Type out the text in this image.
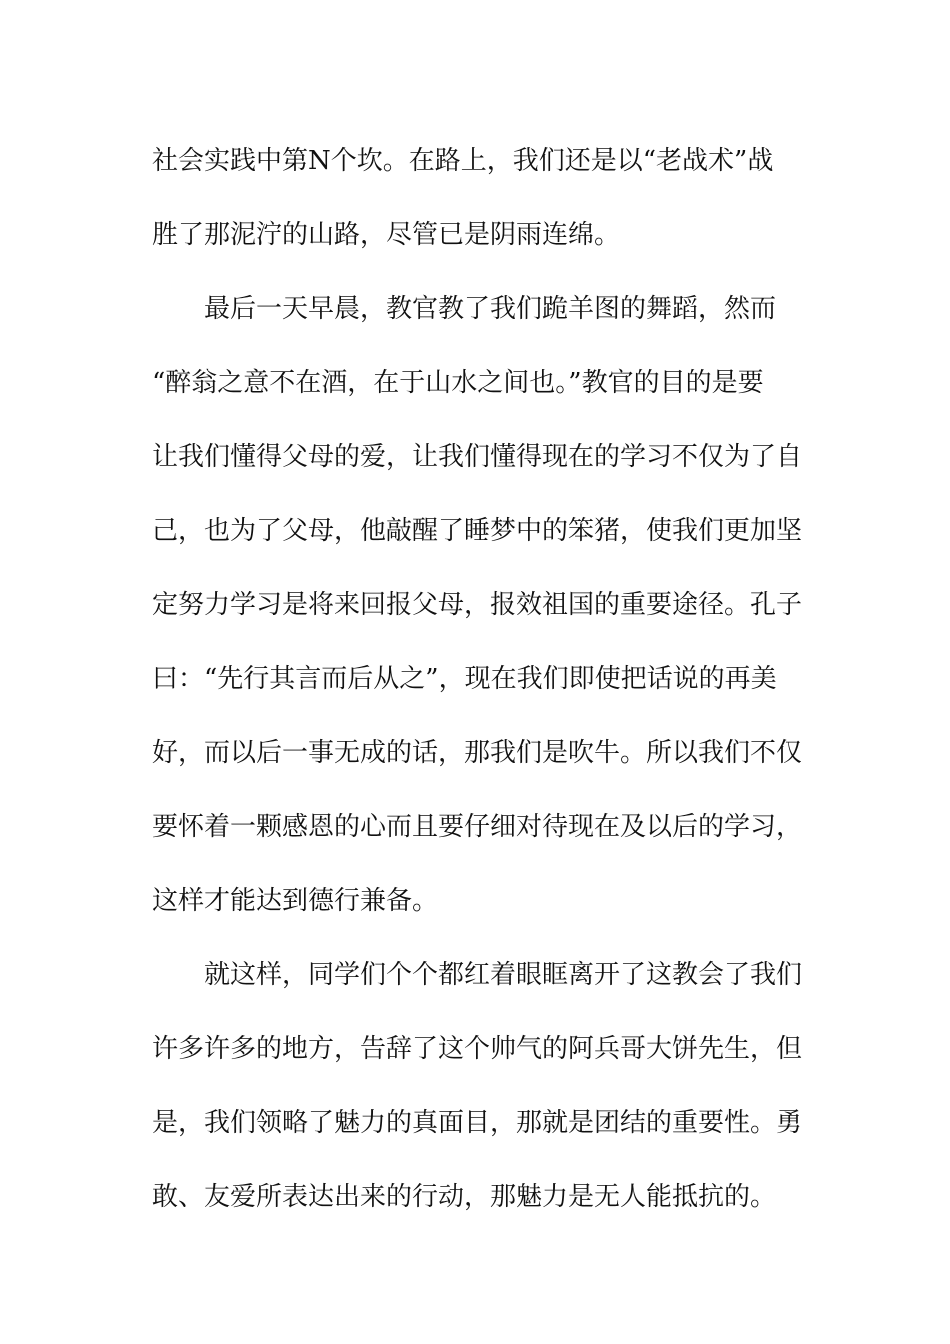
社会实践中第N个坎。在路上，我们还是以“老战术”战
胜了那泥泞的山路，尽管已是阴雨连绵。
最后一天早晨，教官教了我们跪羊图的舞蹈，然而
“醉翁之意不在酒，在于山水之间也。”教官的目的是要
让我们懂得父母的爱，让我们懂得现在的学习不仅为了自
己，也为了父母，他敲醒了睡梦中的笨猪，使我们更加坚
定努力学习是将来回报父母，报效祖国的重要途径。孔子
曰：“先行其言而后从之”，现在我们即使把话说的再美
好，而以后一事无成的话，那我们是吹牛。所以我们不仅
要怀着一颗感恩的心而且要仔细对待现在及以后的学习，
这样才能达到德行兼备。
就这样，同学们个个都红着眼眶离开了这教会了我们
许多许多的地方，告辞了这个帅气的阿兵哥大饼先生，但
是，我们领略了魅力的真面目，那就是团结的重要性。勇
敢、友爱所表达出来的行动，那魅力是无人能抵抗的。
